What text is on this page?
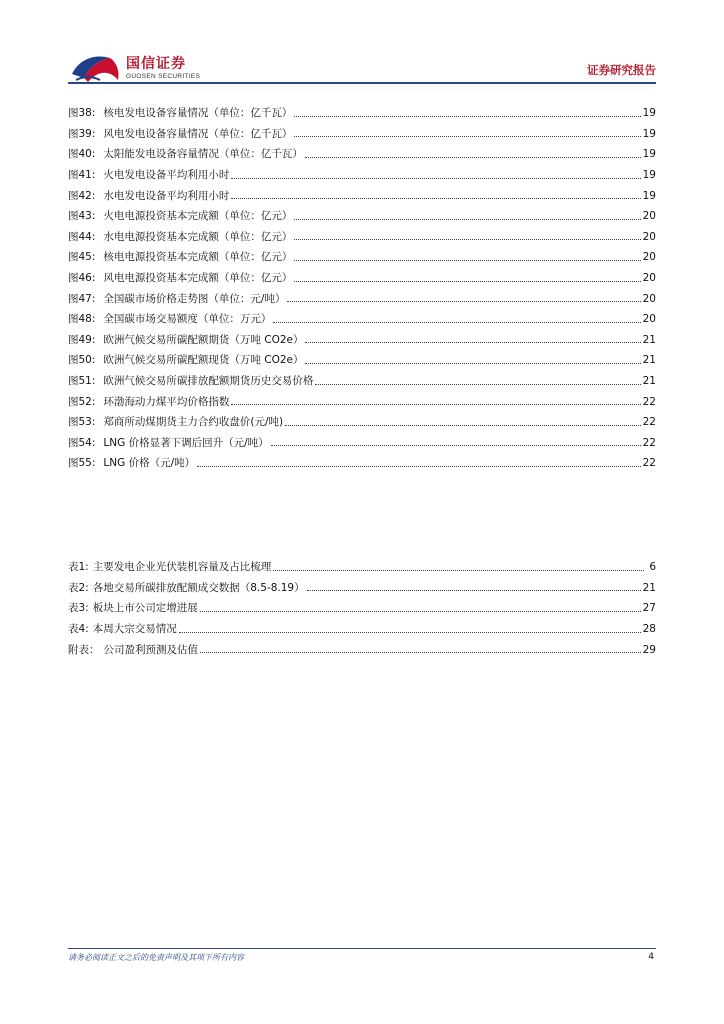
国信证券
GUOSEN SECURITIES	证券研究报告
图38: 核电发电设备容量情况（单位：亿千瓦）	19
图39: 风电发电设备容量情况（单位：亿千瓦）	19
图40: 太阳能发电设备容量情况（单位：亿千瓦）	19
图41: 火电发电设备平均利用小时	19
图42: 水电发电设备平均利用小时	19
图43: 火电电源投资基本完成额（单位：亿元）	20
图44: 水电电源投资基本完成额（单位：亿元）	20
图45: 核电电源投资基本完成额（单位：亿元）	20
图46: 风电电源投资基本完成额（单位：亿元）	20
图47: 全国碳市场价格走势图（单位：元/吨）	20
图48: 全国碳市场交易额度（单位：万元）	20
图49: 欧洲气候交易所碳配额期货（万吨 CO2e）	21
图50: 欧洲气候交易所碳配额现货（万吨 CO2e）	21
图51: 欧洲气候交易所碳排放配额期货历史交易价格	21
图52: 环渤海动力煤平均价格指数	22
图53: 郑商所动煤期货主力合约收盘价(元/吨)	22
图54: LNG 价格显著下调后回升（元/吨）	22
图55: LNG 价格（元/吨）	22
表1: 主要发电企业光伏装机容量及占比梳理	6
表2: 各地交易所碳排放配额成交数据（8.5-8.19）	21
表3: 板块上市公司定增进展	27
表4: 本周大宗交易情况	28
附表： 公司盈利预测及估值	29
请务必阅读正文之后的免责声明及其项下所有内容	4
